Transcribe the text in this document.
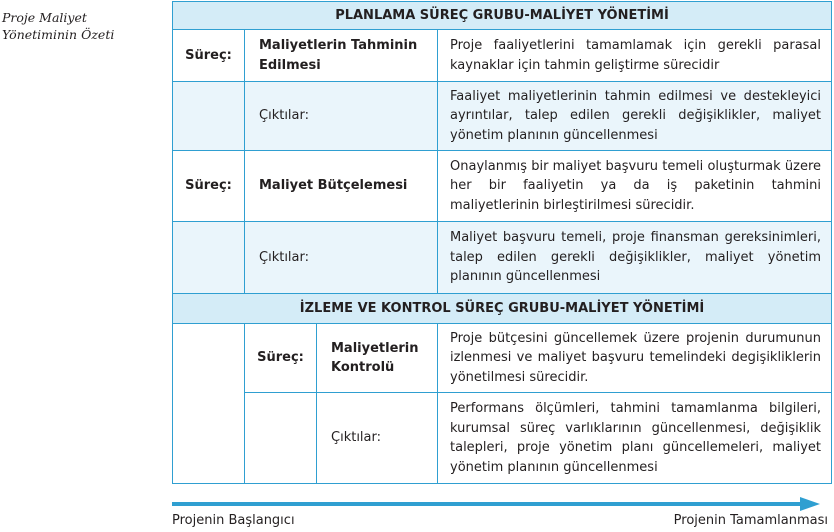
Proje Maliyet Yönetiminin Özeti
PLANLAMA SÜREÇ GRUBU-MALİYET YÖNETİMİ			
Süreç:	Maliyetlerin Tahminin Edilmesi		Proje faaliyetlerini tamamlamak için gerekli parasal kaynaklar için tahmin geliştirme sürecidir
	Çıktılar:		Faaliyet maliyetlerinin tahmin edilmesi ve destekleyici ayrıntılar, talep edilen gerekli değişiklikler, maliyet yönetim planının güncellenmesi
Süreç:	Maliyet Bütçelemesi		Onaylanmış bir maliyet başvuru temeli oluşturmak üzere her bir faaliyetin ya da iş paketinin tahmini maliyetlerinin birleştirilmesi sürecidir.
	Çıktılar:		Maliyet başvuru temeli, proje finansman gereksinimleri, talep edilen gerekli değişiklikler, maliyet yönetim planının güncellenmesi
İZLEME VE KONTROL SÜREÇ GRUBU-MALİYET YÖNETİMİ			
	Süreç:	Maliyetlerin Kontrolü	Proje bütçesini güncellemek üzere projenin durumunun izlenmesi ve maliyet başvuru temelindeki degişikliklerin yönetilmesi sürecidir.
		Çıktılar:	Performans ölçümleri, tahmini tamamlanma bilgileri, kurumsal süreç varlıklarının güncellenmesi, değişiklik talepleri, proje yönetim planı güncellemeleri, maliyet yönetim planının güncellenmesi
Projenin Başlangıcı	Projenin Tamamlanması
